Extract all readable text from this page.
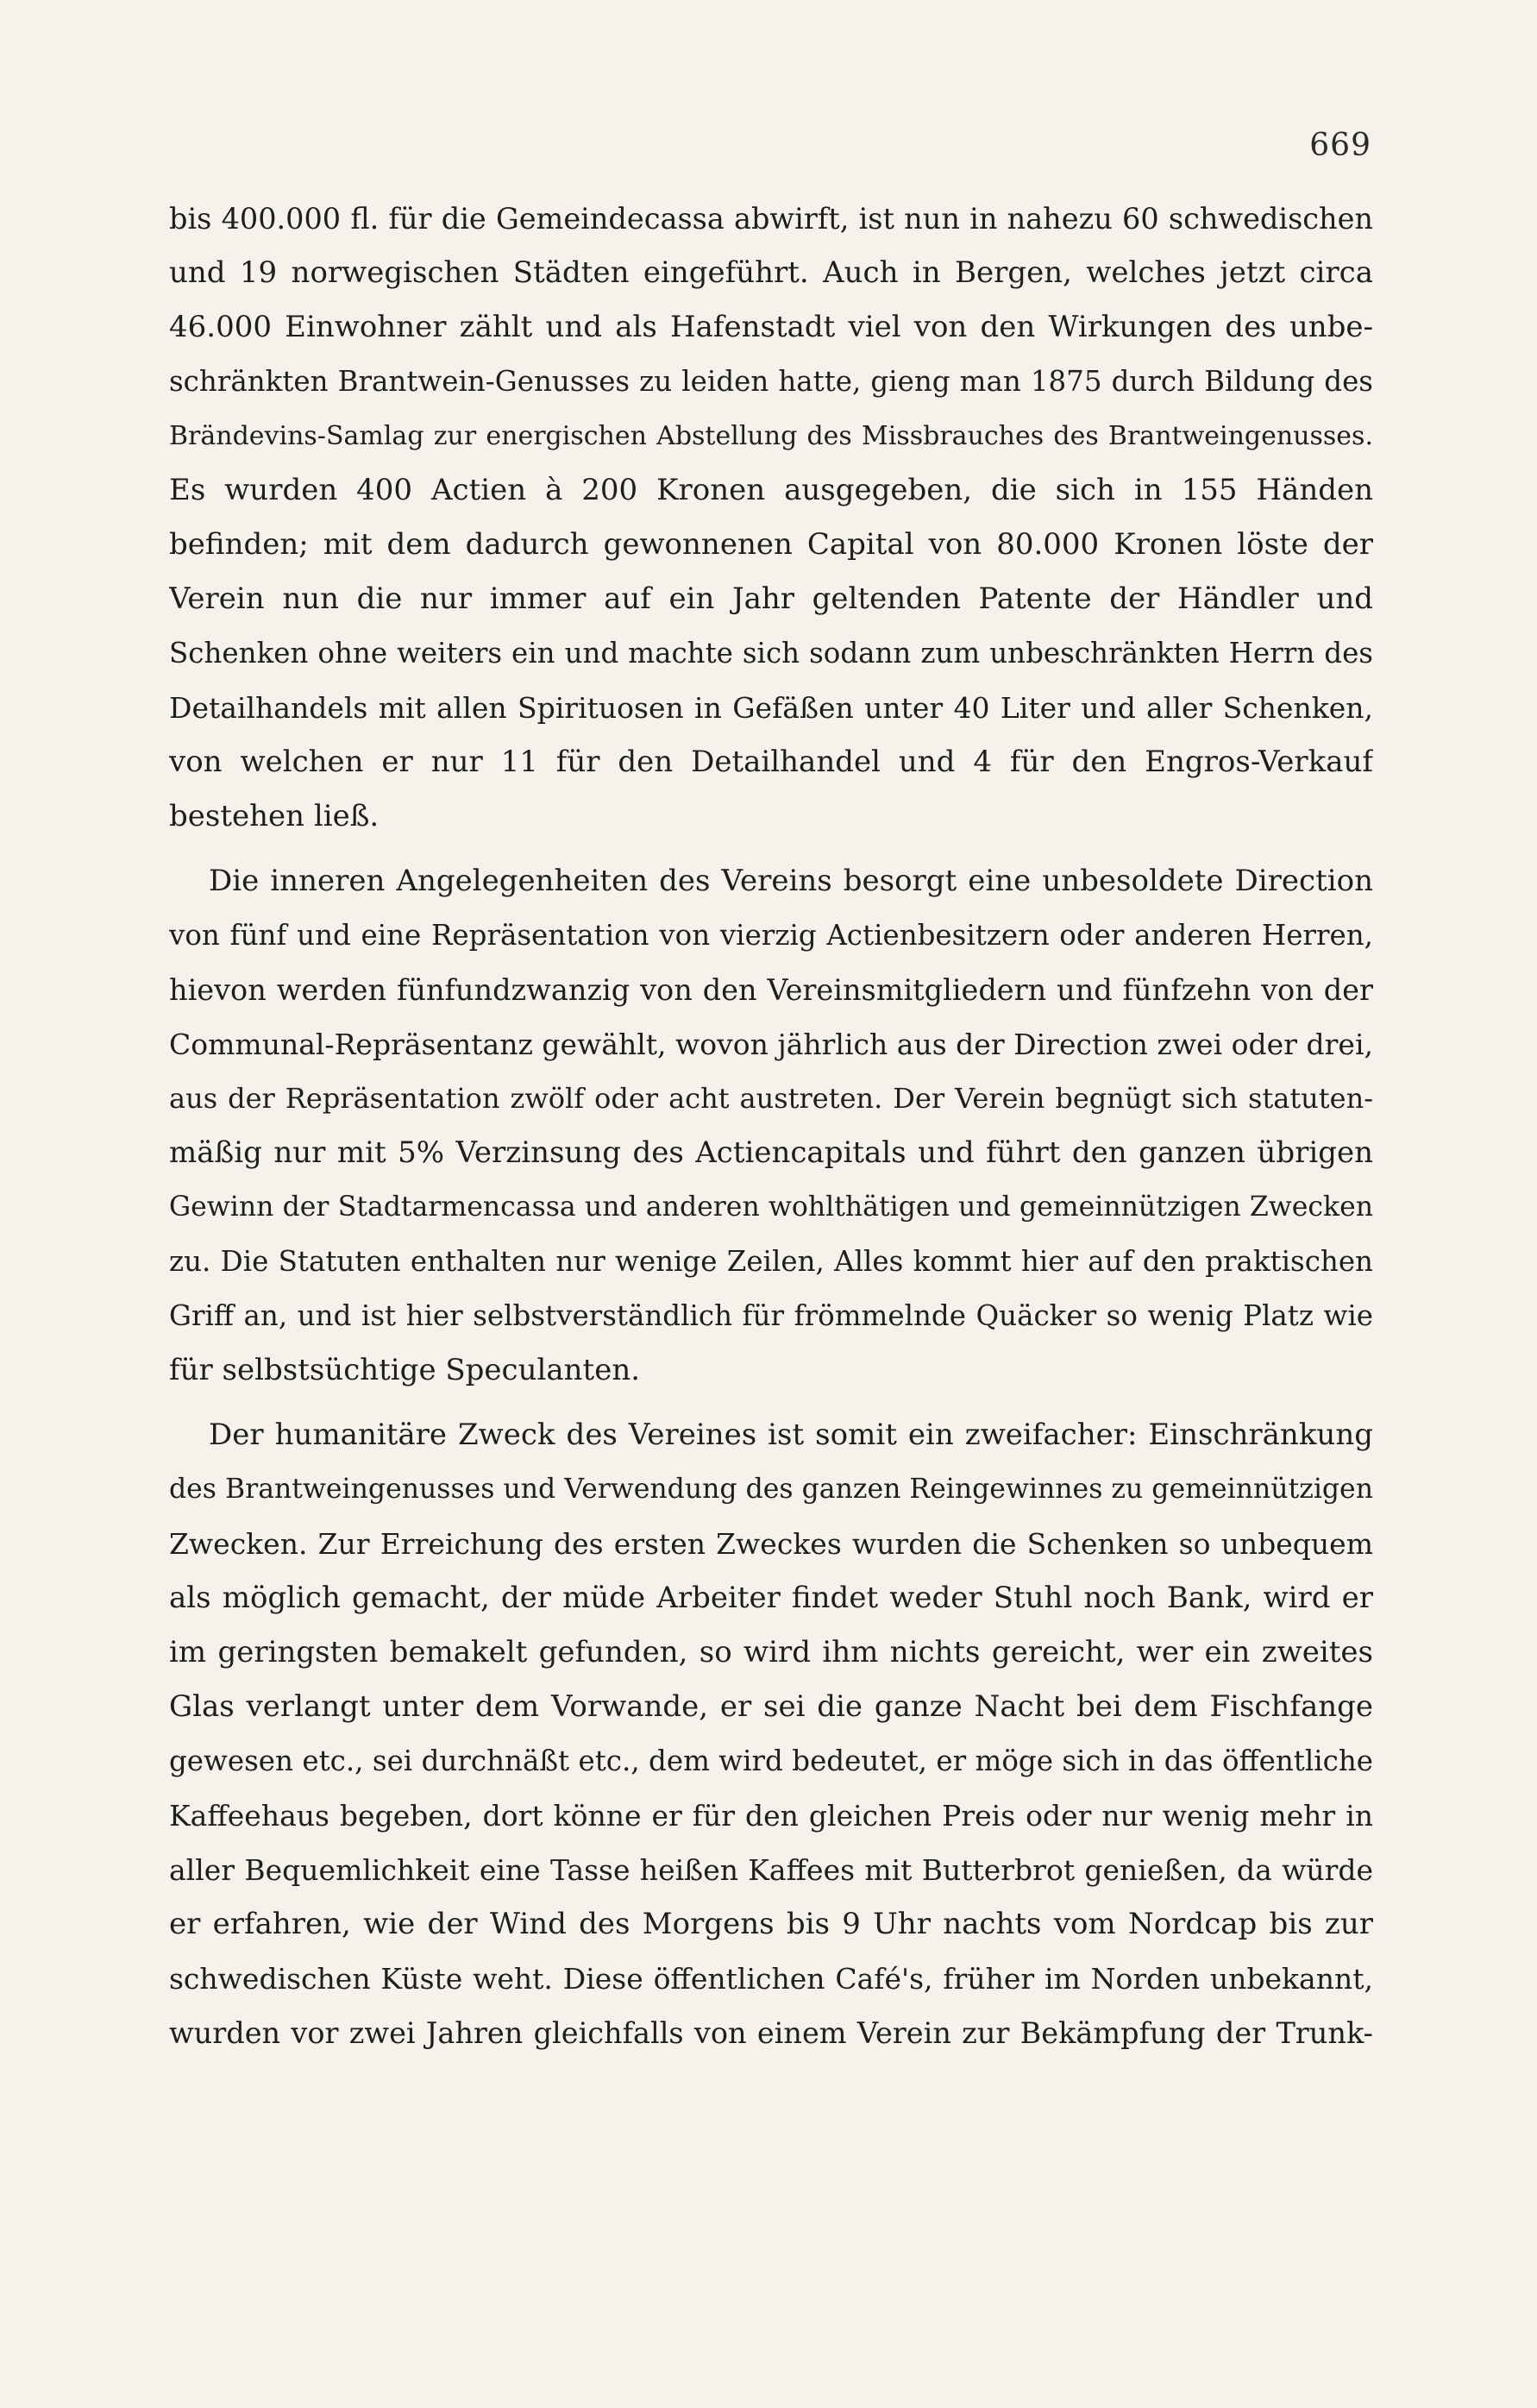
669
bis 400.000 fl. für die Gemeindecassa abwirft, ist nun in nahezu 60 schwedischen
und 19 norwegischen Städten eingeführt. Auch in Bergen, welches jetzt circa
46.000 Einwohner zählt und als Hafenstadt viel von den Wirkungen des unbe-
schränkten Brantwein-Genusses zu leiden hatte, gieng man 1875 durch Bildung des
Brändevins-Samlag zur energischen Abstellung des Missbrauches des Brantweingenusses.
Es wurden 400 Actien à 200 Kronen ausgegeben, die sich in 155 Händen
befinden; mit dem dadurch gewonnenen Capital von 80.000 Kronen löste der
Verein nun die nur immer auf ein Jahr geltenden Patente der Händler und
Schenken ohne weiters ein und machte sich sodann zum unbeschränkten Herrn des
Detailhandels mit allen Spirituosen in Gefäßen unter 40 Liter und aller Schenken,
von welchen er nur 11 für den Detailhandel und 4 für den Engros-Verkauf
bestehen ließ.
Die inneren Angelegenheiten des Vereins besorgt eine unbesoldete Direction
von fünf und eine Repräsentation von vierzig Actienbesitzern oder anderen Herren,
hievon werden fünfundzwanzig von den Vereinsmitgliedern und fünfzehn von der
Communal-Repräsentanz gewählt, wovon jährlich aus der Direction zwei oder drei,
aus der Repräsentation zwölf oder acht austreten. Der Verein begnügt sich statuten-
mäßig nur mit 5% Verzinsung des Actiencapitals und führt den ganzen übrigen
Gewinn der Stadtarmencassa und anderen wohlthätigen und gemeinnützigen Zwecken
zu. Die Statuten enthalten nur wenige Zeilen, Alles kommt hier auf den praktischen
Griff an, und ist hier selbstverständlich für frömmelnde Quäcker so wenig Platz wie
für selbstsüchtige Speculanten.
Der humanitäre Zweck des Vereines ist somit ein zweifacher: Einschränkung
des Brantweingenusses und Verwendung des ganzen Reingewinnes zu gemeinnützigen
Zwecken. Zur Erreichung des ersten Zweckes wurden die Schenken so unbequem
als möglich gemacht, der müde Arbeiter findet weder Stuhl noch Bank, wird er
im geringsten bemakelt gefunden, so wird ihm nichts gereicht, wer ein zweites
Glas verlangt unter dem Vorwande, er sei die ganze Nacht bei dem Fischfange
gewesen etc., sei durchnäßt etc., dem wird bedeutet, er möge sich in das öffentliche
Kaffeehaus begeben, dort könne er für den gleichen Preis oder nur wenig mehr in
aller Bequemlichkeit eine Tasse heißen Kaffees mit Butterbrot genießen, da würde
er erfahren, wie der Wind des Morgens bis 9 Uhr nachts vom Nordcap bis zur
schwedischen Küste weht. Diese öffentlichen Café's, früher im Norden unbekannt,
wurden vor zwei Jahren gleichfalls von einem Verein zur Bekämpfung der Trunk-
